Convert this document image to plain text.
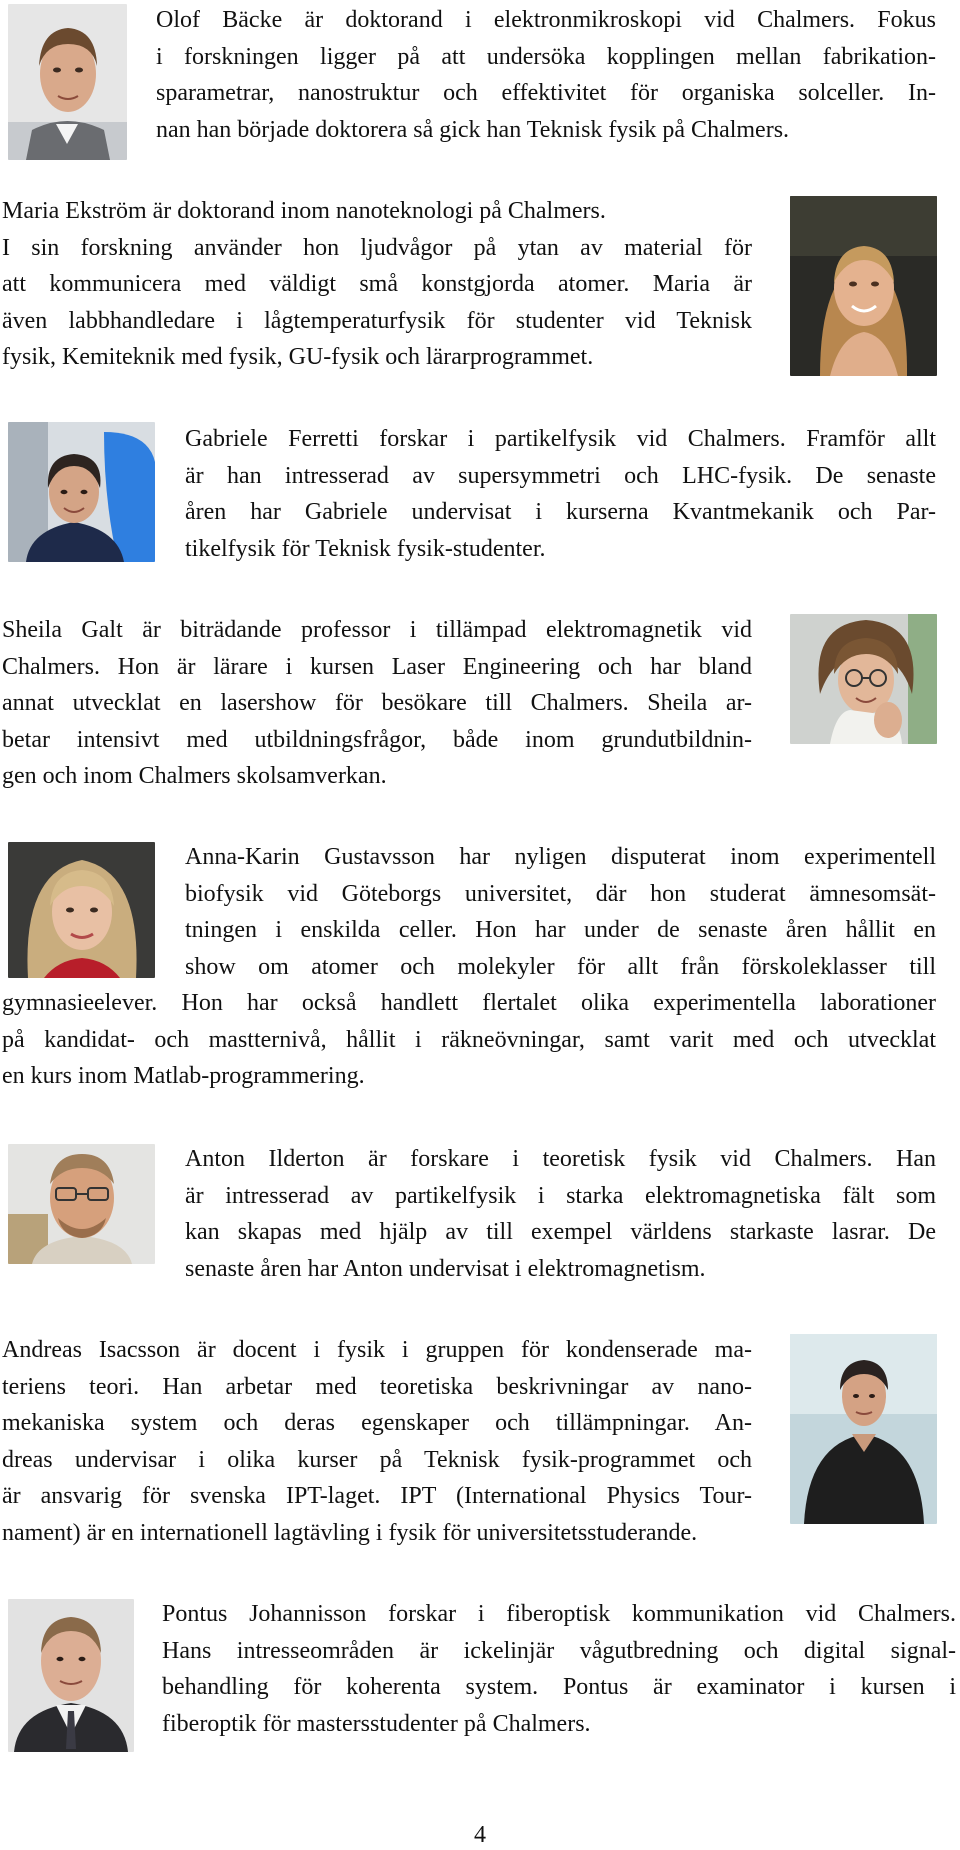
Olof Bäcke är doktorand i elektronmikroskopi vid Chalmers. Fokus
i forskningen ligger på att undersöka kopplingen mellan fabrikation-
sparametrar, nanostruktur och effektivitet för organiska solceller. In-
nan han började doktorera så gick han Teknisk fysik på Chalmers.
Maria Ekström är doktorand inom nanoteknologi på Chalmers.
I sin forskning använder hon ljudvågor på ytan av material för
att kommunicera med väldigt små konstgjorda atomer. Maria är
även labbhandledare i lågtemperaturfysik för studenter vid Teknisk
fysik, Kemiteknik med fysik, GU-fysik och lärarprogrammet.
Gabriele Ferretti forskar i partikelfysik vid Chalmers. Framför allt
är han intresserad av supersymmetri och LHC-fysik. De senaste
åren har Gabriele undervisat i kurserna Kvantmekanik och Par-
tikelfysik för Teknisk fysik-studenter.
Sheila Galt är biträdande professor i tillämpad elektromagnetik vid
Chalmers. Hon är lärare i kursen Laser Engineering och har bland
annat utvecklat en lasershow för besökare till Chalmers. Sheila ar-
betar intensivt med utbildningsfrågor, både inom grundutbildnin-
gen och inom Chalmers skolsamverkan.
Anna-Karin Gustavsson har nyligen disputerat inom experimentell
biofysik vid Göteborgs universitet, där hon studerat ämnesomsät-
tningen i enskilda celler. Hon har under de senaste åren hållit en
show om atomer och molekyler för allt från förskoleklasser till
gymnasieelever. Hon har också handlett flertalet olika experimentella laborationer
på kandidat- och mastternivå, hållit i räkneövningar, samt varit med och utvecklat
en kurs inom Matlab-programmering.
Anton Ilderton är forskare i teoretisk fysik vid Chalmers. Han
är intresserad av partikelfysik i starka elektromagnetiska fält som
kan skapas med hjälp av till exempel världens starkaste lasrar. De
senaste åren har Anton undervisat i elektromagnetism.
Andreas Isacsson är docent i fysik i gruppen för kondenserade ma-
teriens teori. Han arbetar med teoretiska beskrivningar av nano-
mekaniska system och deras egenskaper och tillämpningar. An-
dreas undervisar i olika kurser på Teknisk fysik-programmet och
är ansvarig för svenska IPT-laget. IPT (International Physics Tour-
nament) är en internationell lagtävling i fysik för universitetsstuderande.
Pontus Johannisson forskar i fiberoptisk kommunikation vid Chalmers.
Hans intresseområden är ickelinjär vågutbredning och digital signal-
behandling för koherenta system. Pontus är examinator i kursen i
fiberoptik för mastersstudenter på Chalmers.
4
